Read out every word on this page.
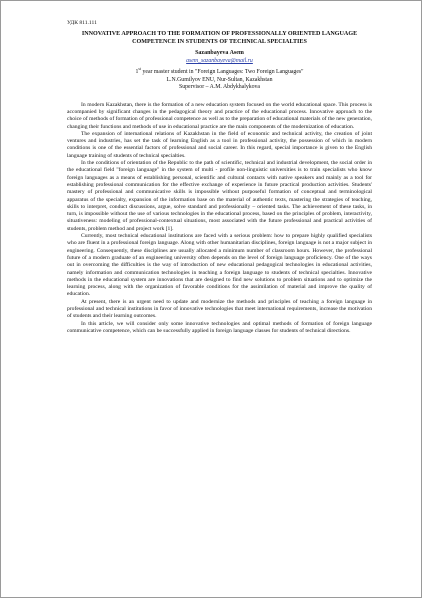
УДК 811.111
INNOVATIVE APPROACH TO THE FORMATION OF PROFESSIONALLY ORIENTED LANGUAGE COMPETENCE IN STUDENTS OF TECHNICAL SPECIALTIES
Sazanbayeva Asem
asem_sazanbayeva@mail.ru
1st year master student in "Foreign Languages: Two Foreign Languages"
L.N.Gumilyov ENU, Nur-Sultan, Kazakhstan
Supervisor – A.M. Abdykhalykova

In modern Kazakhstan, there is the formation of a new education system focused on the world educational space. This process is accompanied by significant changes in the pedagogical theory and practice of the educational process. Innovative approach to the choice of methods of formation of professional competence as well as to the preparation of educational materials of the new generation, changing their functions and methods of use in educational practice are the main components of the modernization of education.

The expansion of international relations of Kazakhstan in the field of economic and technical activity, the creation of joint ventures and industries, has set the task of learning English as a tool in professional activity, the possession of which in modern conditions is one of the essential factors of professional and social career. In this regard, special importance is given to the English language training of students of technical specialties.

In the conditions of orientation of the Republic to the path of scientific, technical and industrial development, the social order in the educational field "foreign language" in the system of multi - profile non-linguistic universities is to train specialists who know foreign languages as a means of establishing personal, scientific and cultural contacts with native speakers and mainly as a tool for establishing professional communication for the effective exchange of experience in future practical production activities. Students' mastery of professional and communicative skills is impossible without purposeful formation of conceptual and terminological apparatus of the specialty, expansion of the information base on the material of authentic texts, mastering the strategies of teaching, skills to interpret, conduct discussions, argue, solve standard and professionally – oriented tasks. The achievement of these tasks, in turn, is impossible without the use of various technologies in the educational process, based on the principles of problem, interactivity, situativeness: modeling of professional-contextual situations, most associated with the future professional and practical activities of students, problem method and project work [1].

Currently, most technical educational institutions are faced with a serious problem: how to prepare highly qualified specialists who are fluent in a professional foreign language. Along with other humanitarian disciplines, foreign language is not a major subject in engineering. Consequently, these disciplines are usually allocated a minimum number of classroom hours. However, the professional future of a modern graduate of an engineering university often depends on the level of foreign language proficiency. One of the ways out in overcoming the difficulties is the way of introduction of new educational pedagogical technologies in educational activities, namely information and communication technologies in teaching a foreign language to students of technical specialties. Innovative methods in the educational system are innovations that are designed to find new solutions to problem situations and to optimize the learning process, along with the organization of favorable conditions for the assimilation of material and improve the quality of education.

At present, there is an urgent need to update and modernize the methods and principles of teaching a foreign language in professional and technical institutions in favor of innovative technologies that meet international requirements, increase the motivation of students and their learning outcomes.

In this article, we will consider only some innovative technologies and optimal methods of formation of foreign language communicative competence, which can be successfully applied in foreign language classes for students of technical directions.
